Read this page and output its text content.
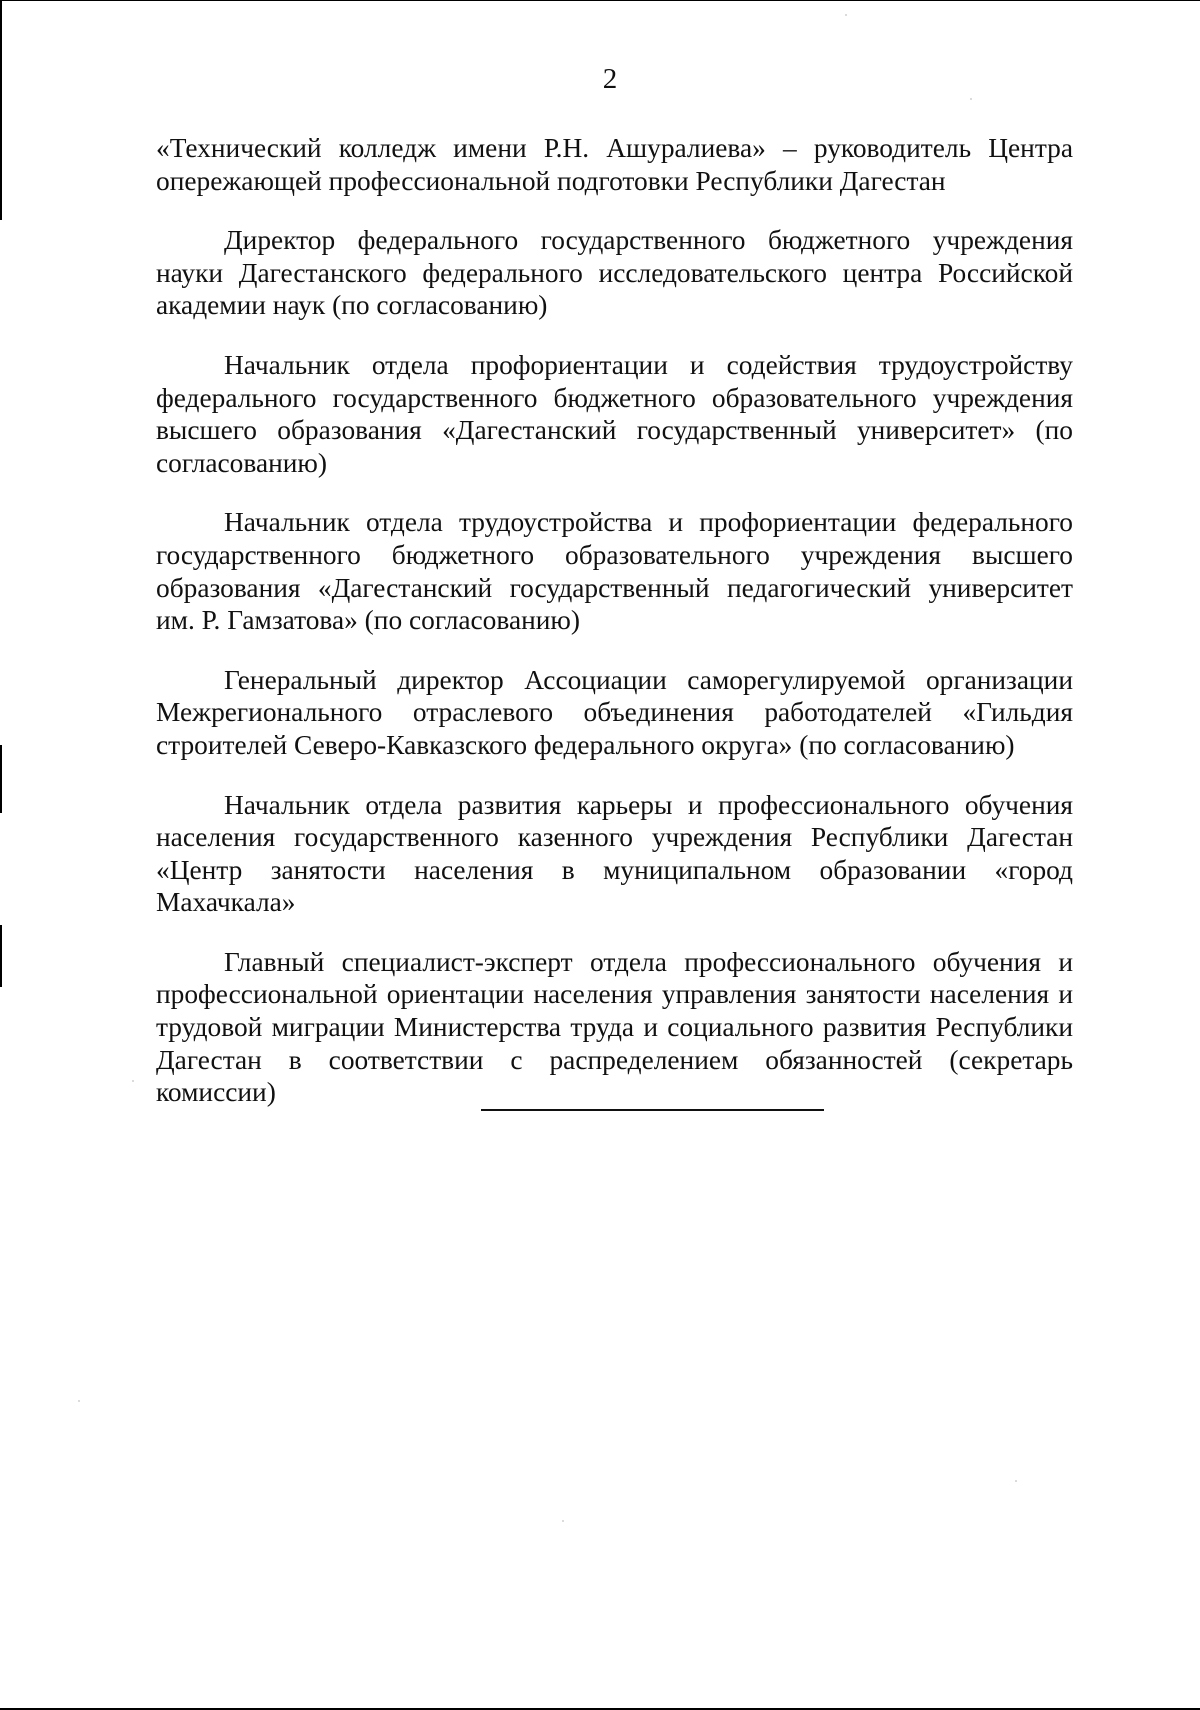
2

«Технический колледж имени Р.Н. Ашуралиева» – руководитель Центра опережающей профессиональной подготовки Республики Дагестан

Директор федерального государственного бюджетного учреждения науки Дагестанского федерального исследовательского центра Российской академии наук (по согласованию)

Начальник отдела профориентации и содействия трудоустройству федерального государственного бюджетного образовательного учреждения высшего образования «Дагестанский государственный университет» (по согласованию)

Начальник отдела трудоустройства и профориентации федерального государственного бюджетного образовательного учреждения высшего образования «Дагестанский государственный педагогический университет им. Р. Гамзатова» (по согласованию)

Генеральный директор Ассоциации саморегулируемой организации Межрегионального отраслевого объединения работодателей «Гильдия строителей Северо-Кавказского федерального округа» (по согласованию)

Начальник отдела развития карьеры и профессионального обучения населения государственного казенного учреждения Республики Дагестан «Центр занятости населения в муниципальном образовании «город Махачкала»

Главный специалист-эксперт отдела профессионального обучения и профессиональной ориентации населения управления занятости населения и трудовой миграции Министерства труда и социального развития Республики Дагестан в соответствии с распределением обязанностей (секретарь комиссии)
